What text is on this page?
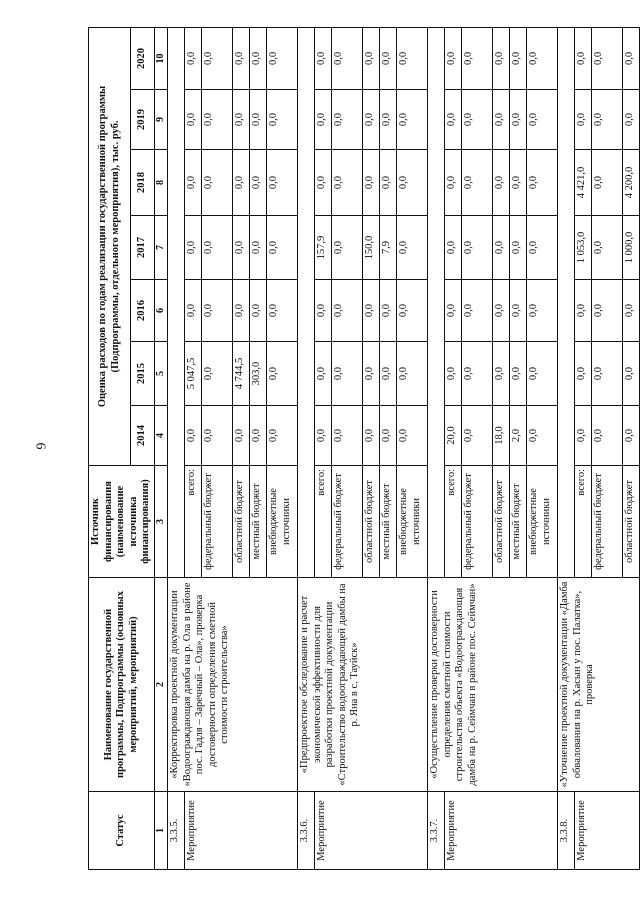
6
Статус	Наименование государственной программы, Подпрограммы (основных мероприятий, мероприятий)	Источник финансирования (наименование источника финансирования)	Оценка расходов по годам реализации государственной программы (Подпрограммы, отдельного мероприятия), тыс. руб.						

			2014	2015	2016	2017	2018	2019	2020
1	2	3	4	5	6	7	8	9	10
3.3.5.	«Корректировка проектной документации «Водоограждающая дамба на р. Ола в районе пос. Гадля – Заречный – Ола», проверка достоверности определения сметной стоимости строительства»								
Мероприятие		всего:	0,0	5 047,5	0,0	0,0	0,0	0,0	0,0
		федеральный бюджет	0,0	0,0	0,0	0,0	0,0	0,0	0,0
		областной бюджет	0,0	4 744,5	0,0	0,0	0,0	0,0	0,0
		местный бюджет	0,0	303,0	0,0	0,0	0,0	0,0	0,0
		внебюджетные источники	0,0	0,0	0,0	0,0	0,0	0,0	0,0
3.3.6.	«Предпроектное обследование и расчет экономической эффективности для разработки проектной документации «Строительство водоограждающей дамбы на р. Яна в с. Тауйск»								
Мероприятие		всего:	0,0	0,0	0,0	157,9	0,0	0,0	0,0
		федеральный бюджет	0,0	0,0	0,0	0,0	0,0	0,0	0,0
		областной бюджет	0,0	0,0	0,0	150,0	0,0	0,0	0,0
		местный бюджет	0,0	0,0	0,0	7,9	0,0	0,0	0,0
		внебюджетные источники	0,0	0,0	0,0	0,0	0,0	0,0	0,0
3.3.7.	«Осуществление проверки достоверности определения сметной стоимости строительства объекта «Водоограждающая дамба на р. Сеймчан в районе пос. Сеймчан»								
Мероприятие		всего:	20,0	0,0	0,0	0,0	0,0	0,0	0,0
		федеральный бюджет	0,0	0,0	0,0	0,0	0,0	0,0	0,0
		областной бюджет	18,0	0,0	0,0	0,0	0,0	0,0	0,0
		местный бюджет	2,0	0,0	0,0	0,0	0,0	0,0	0,0
		внебюджетные источники	0,0	0,0	0,0	0,0	0,0	0,0	0,0
3.3.8.	«Уточнение проектной документации «Дамба обвалования на р. Хасын у пос. Палатка», проверка								
Мероприятие		всего:	0,0	0,0	0,0	1 053,0	4 421,0	0,0	0,0
		федеральный бюджет	0,0	0,0	0,0	0,0	0,0	0,0	0,0
		областной бюджет	0,0	0,0	0,0	1 000,0	4 200,0	0,0	0,0
